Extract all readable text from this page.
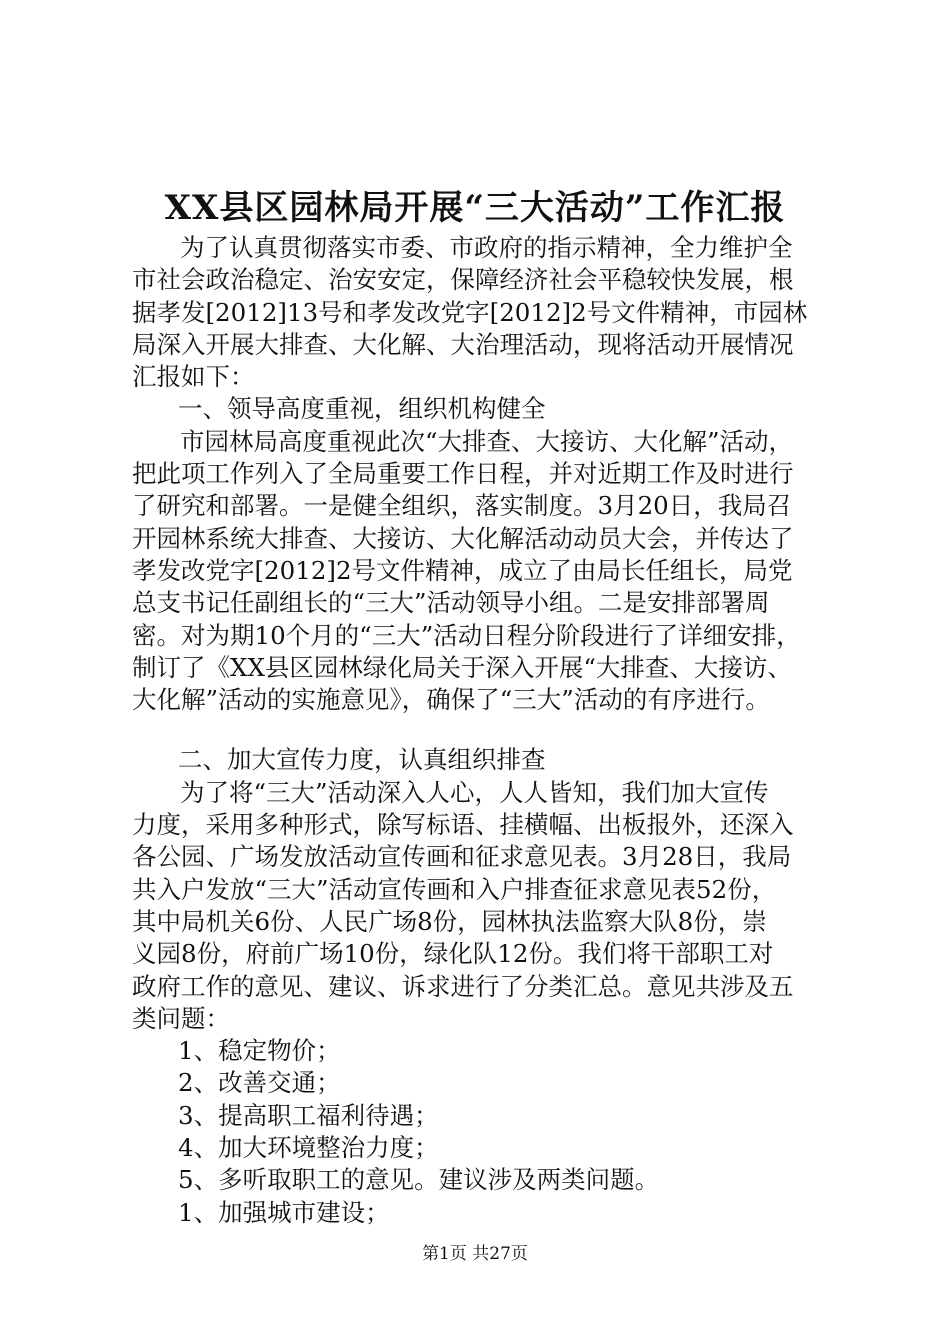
XX县区园林局开展“三大活动”工作汇报
为了认真贯彻落实市委、市政府的指示精神，全力维护全
市社会政治稳定、治安安定，保障经济社会平稳较快发展，根
据孝发[2012]13号和孝发改党字[2012]2号文件精神，市园林
局深入开展大排查、大化解、大治理活动，现将活动开展情况
汇报如下：
一、领导高度重视，组织机构健全
市园林局高度重视此次“大排查、大接访、大化解”活动，
把此项工作列入了全局重要工作日程，并对近期工作及时进行
了研究和部署。一是健全组织，落实制度。3月20日，我局召
开园林系统大排查、大接访、大化解活动动员大会，并传达了
孝发改党字[2012]2号文件精神，成立了由局长任组长，局党
总支书记任副组长的“三大”活动领导小组。二是安排部署周
密。对为期10个月的“三大”活动日程分阶段进行了详细安排，
制订了《XX县区园林绿化局关于深入开展“大排查、大接访、
大化解”活动的实施意见》，确保了“三大”活动的有序进行。
二、加大宣传力度，认真组织排查
为了将“三大”活动深入人心，人人皆知，我们加大宣传
力度，采用多种形式，除写标语、挂横幅、出板报外，还深入
各公园、广场发放活动宣传画和征求意见表。3月28日，我局
共入户发放“三大”活动宣传画和入户排查征求意见表52份，
其中局机关6份、人民广场8份，园林执法监察大队8份，崇
义园8份，府前广场10份，绿化队12份。我们将干部职工对
政府工作的意见、建议、诉求进行了分类汇总。意见共涉及五
类问题：
1、稳定物价；
2、改善交通；
3、提高职工福利待遇；
4、加大环境整治力度；
5、多听取职工的意见。建议涉及两类问题。
1、加强城市建设；
第1页 共27页
